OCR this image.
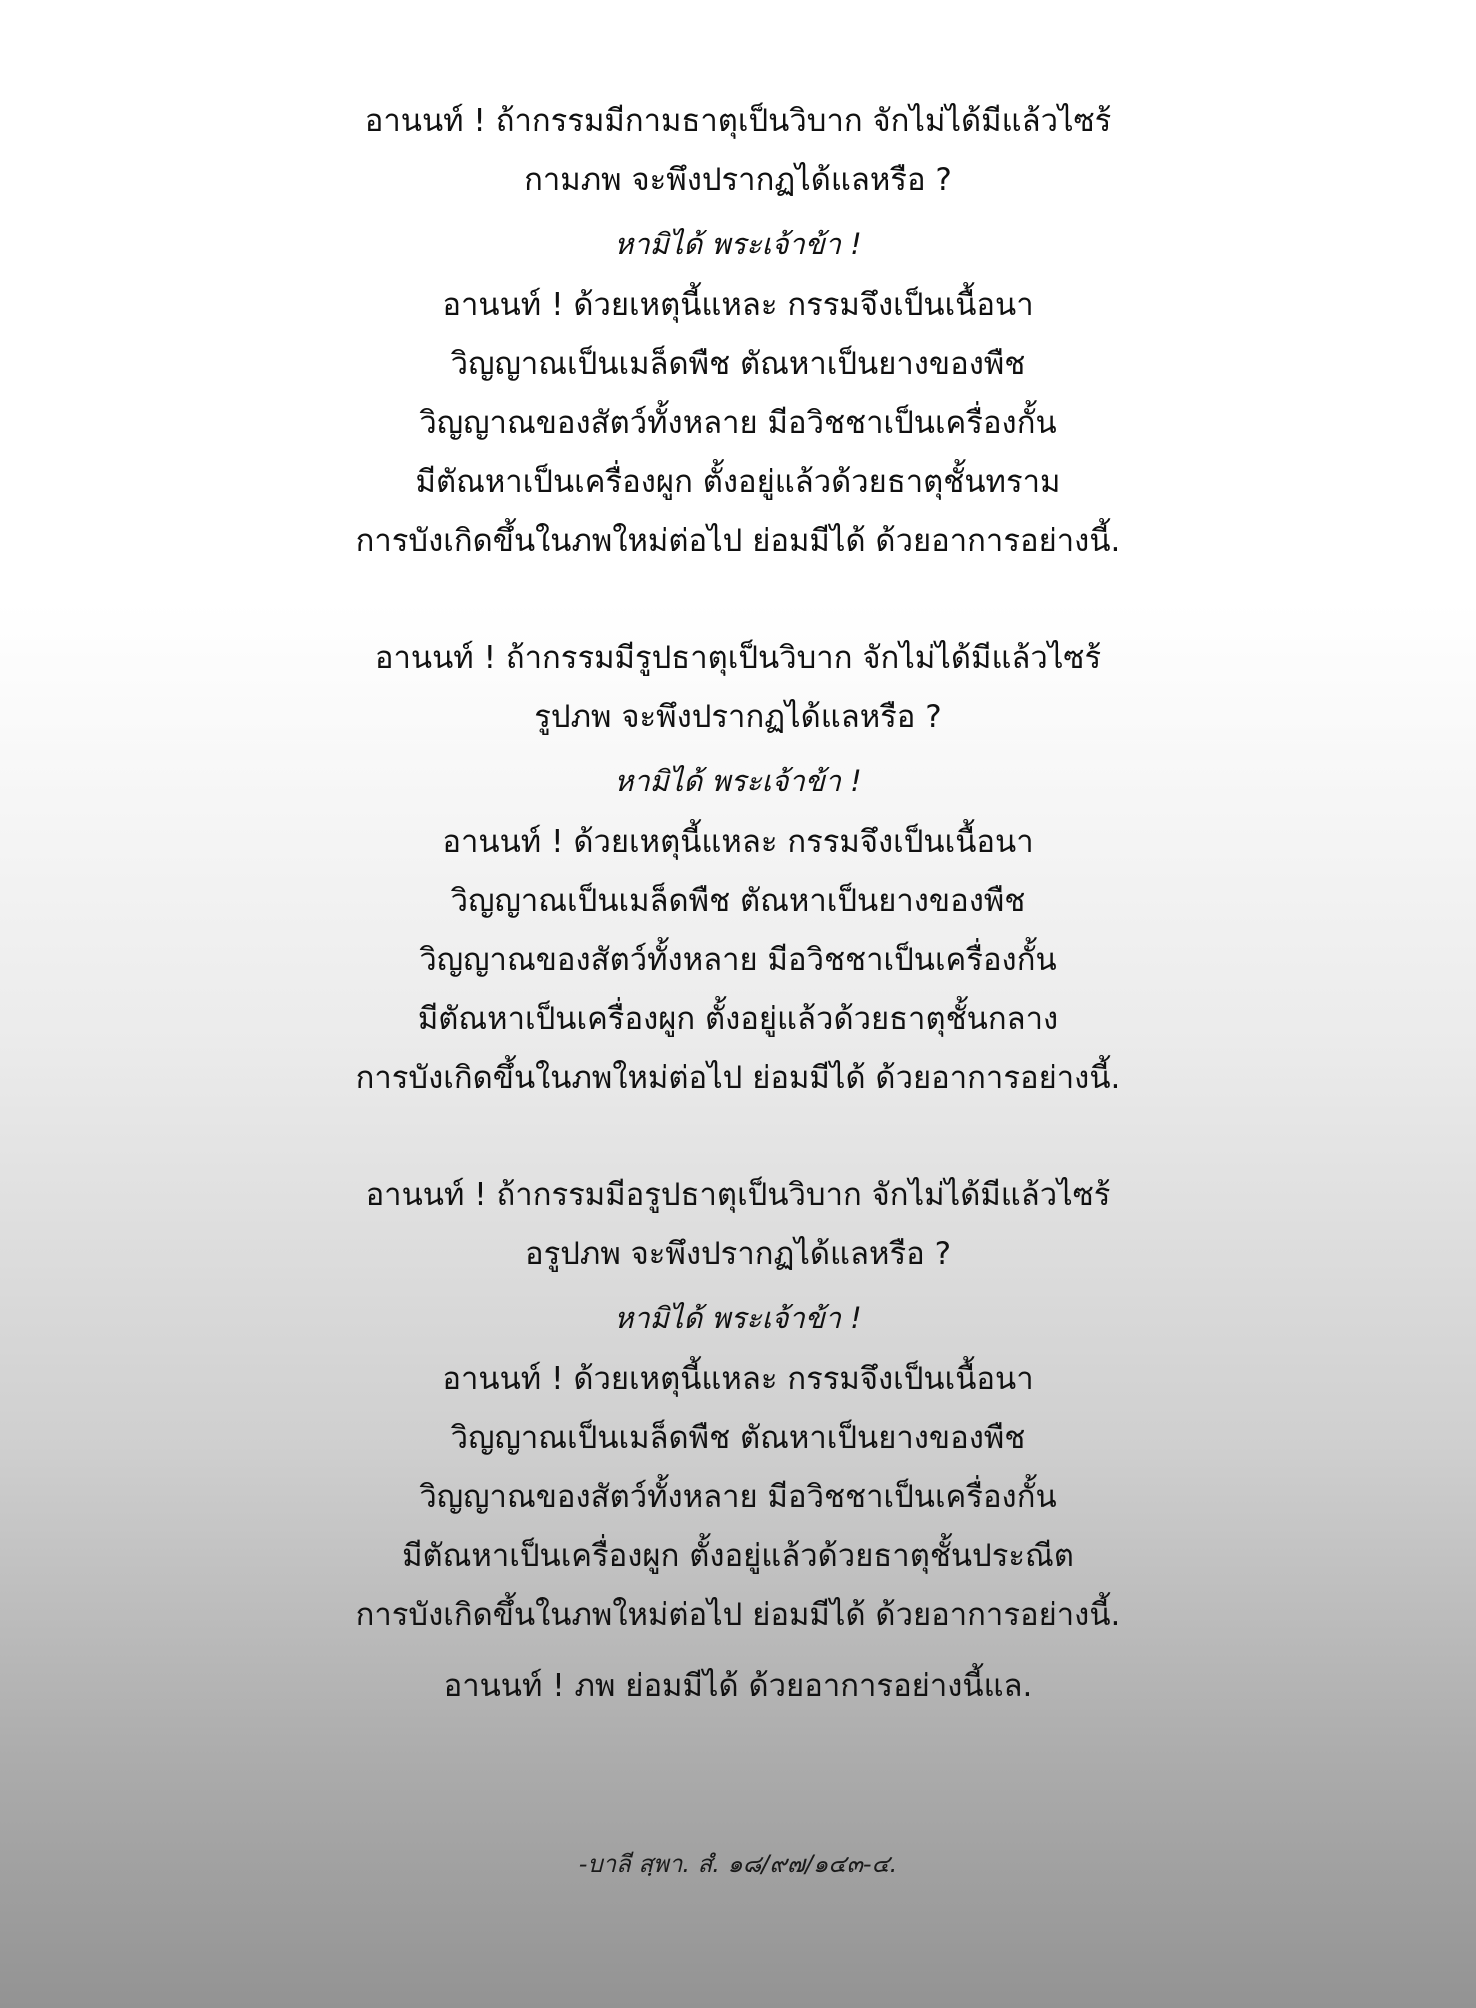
อานนท์ ! ถ้ากรรมมีกามธาตุเป็นวิบาก จักไม่ได้มีแล้วไซร้
กามภพ จะพึงปรากฏได้แลหรือ ?
หามิได้ พระเจ้าข้า !
อานนท์ ! ด้วยเหตุนี้แหละ กรรมจึงเป็นเนื้อนา
วิญญาณเป็นเมล็ดพืช ตัณหาเป็นยางของพืช
วิญญาณของสัตว์ทั้งหลาย มีอวิชชาเป็นเครื่องกั้น
มีตัณหาเป็นเครื่องผูก ตั้งอยู่แล้วด้วยธาตุชั้นทราม
การบังเกิดขึ้นในภพใหม่ต่อไป ย่อมมีได้ ด้วยอาการอย่างนี้.
อานนท์ ! ถ้ากรรมมีรูปธาตุเป็นวิบาก จักไม่ได้มีแล้วไซร้
รูปภพ จะพึงปรากฏได้แลหรือ ?
หามิได้ พระเจ้าข้า !
อานนท์ ! ด้วยเหตุนี้แหละ กรรมจึงเป็นเนื้อนา
วิญญาณเป็นเมล็ดพืช ตัณหาเป็นยางของพืช
วิญญาณของสัตว์ทั้งหลาย มีอวิชชาเป็นเครื่องกั้น
มีตัณหาเป็นเครื่องผูก ตั้งอยู่แล้วด้วยธาตุชั้นกลาง
การบังเกิดขึ้นในภพใหม่ต่อไป ย่อมมีได้ ด้วยอาการอย่างนี้.
อานนท์ ! ถ้ากรรมมีอรูปธาตุเป็นวิบาก จักไม่ได้มีแล้วไซร้
อรูปภพ จะพึงปรากฏได้แลหรือ ?
หามิได้ พระเจ้าข้า !
อานนท์ ! ด้วยเหตุนี้แหละ กรรมจึงเป็นเนื้อนา
วิญญาณเป็นเมล็ดพืช ตัณหาเป็นยางของพืช
วิญญาณของสัตว์ทั้งหลาย มีอวิชชาเป็นเครื่องกั้น
มีตัณหาเป็นเครื่องผูก ตั้งอยู่แล้วด้วยธาตุชั้นประณีต
การบังเกิดขึ้นในภพใหม่ต่อไป ย่อมมีได้ ด้วยอาการอย่างนี้.
อานนท์ ! ภพ ย่อมมีได้ ด้วยอาการอย่างนี้แล.
-บาลี สฺพา. สํ. ๑๘/๙๗/๑๔๓-๔.
